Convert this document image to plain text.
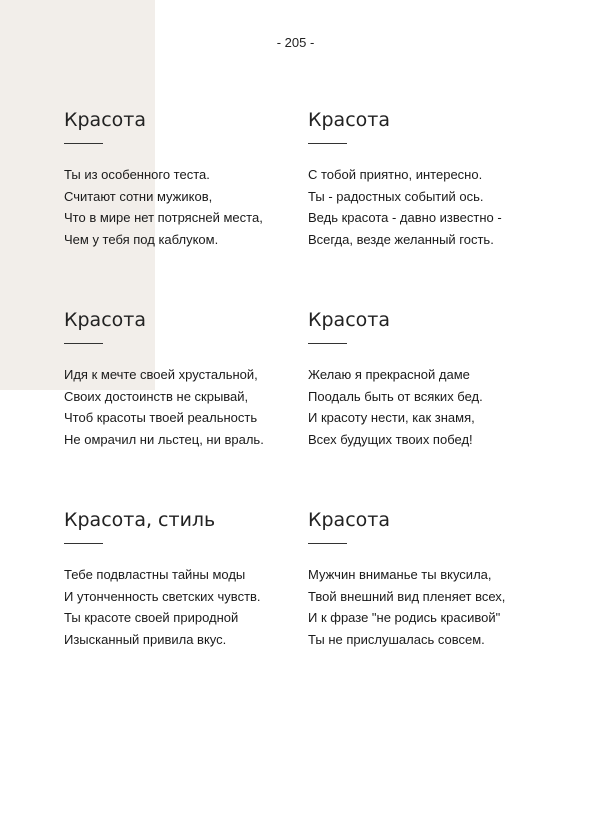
- 205 -
Красота
Ты из особенного теста.
Считают сотни мужиков,
Что в мире нет потрясней места,
Чем у тебя под каблуком.
Красота
С тобой приятно, интересно.
Ты - радостных событий ось.
Ведь красота - давно известно -
Всегда, везде желанный гость.
Красота
Идя к мечте своей хрустальной,
Своих достоинств не скрывай,
Чтоб красоты твоей реальность
Не омрачил ни льстец, ни враль.
Красота
Желаю я прекрасной даме
Поодаль быть от всяких бед.
И красоту нести, как знамя,
Всех будущих твоих побед!
Красота, стиль
Тебе подвластны тайны моды
И утонченность светских чувств.
Ты красоте своей природной
Изысканный привила вкус.
Красота
Мужчин вниманье ты вкусила,
Твой внешний вид пленяет всех,
И к фразе "не родись красивой"
Ты не прислушалась совсем.
